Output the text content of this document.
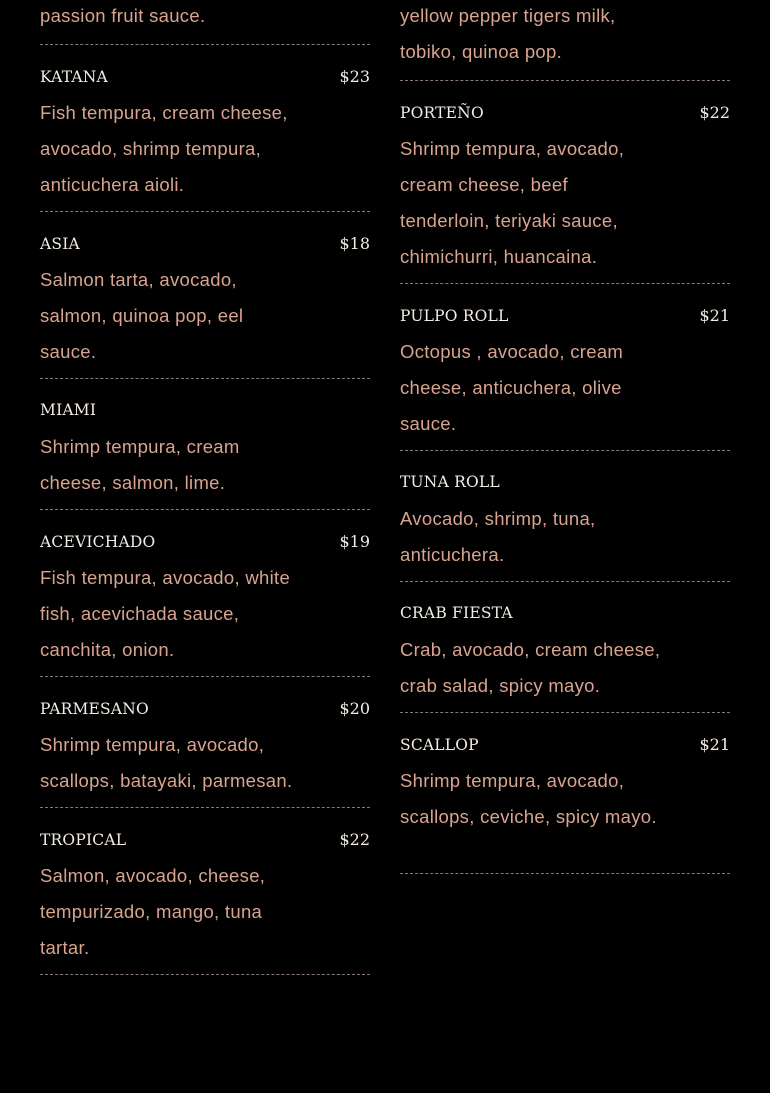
passion fruit sauce.
KATANA	$23
Fish tempura, cream cheese,
avocado, shrimp tempura,
anticuchera aioli.
ASIA	$18
Salmon tarta, avocado,
salmon, quinoa pop, eel
sauce.
MIAMI
Shrimp tempura, cream
cheese, salmon, lime.
ACEVICHADO	$19
Fish tempura, avocado, white
fish, acevichada sauce,
canchita, onion.
PARMESANO	$20
Shrimp tempura, avocado,
scallops, batayaki, parmesan.
TROPICAL	$22
Salmon, avocado, cheese,
tempurizado, mango, tuna
tartar.

yellow pepper tigers milk,
tobiko, quinoa pop.
PORTEÑO	$22
Shrimp tempura, avocado,
cream cheese, beef
tenderloin, teriyaki sauce,
chimichurri, huancaina.
PULPO ROLL	$21
Octopus , avocado, cream
cheese, anticuchera, olive
sauce.
TUNA ROLL
Avocado, shrimp, tuna,
anticuchera.
CRAB FIESTA
Crab, avocado, cream cheese,
crab salad, spicy mayo.
SCALLOP	$21
Shrimp tempura, avocado,
scallops, ceviche, spicy mayo.
